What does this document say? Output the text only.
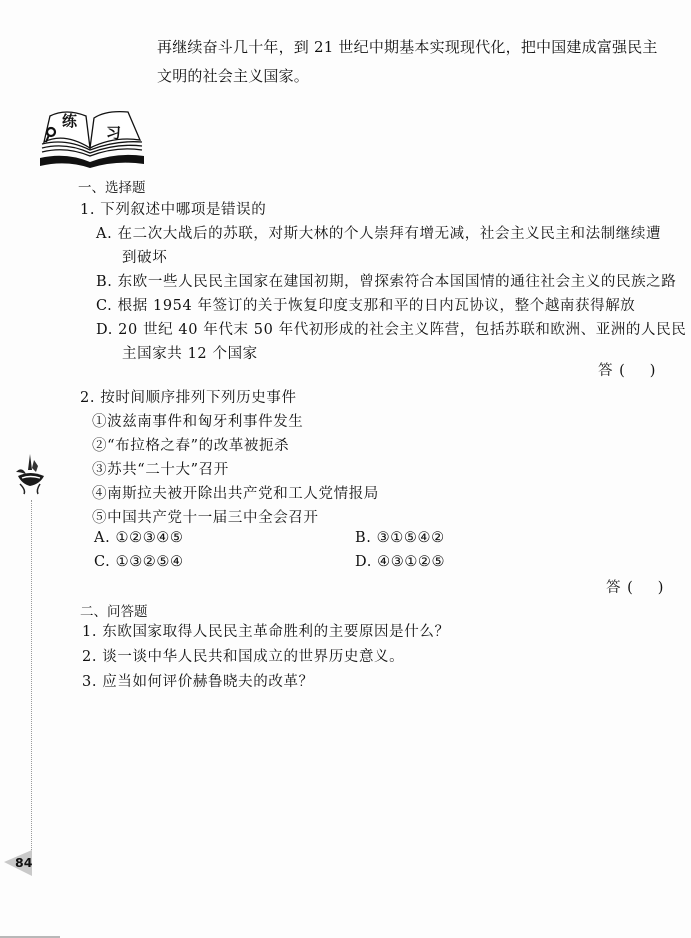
再继续奋斗几十年，到 21 世纪中期基本实现现代化，把中国建成富强民主
文明的社会主义国家。
练
习
一、选择题
1. 下列叙述中哪项是错误的
A. 在二次大战后的苏联，对斯大林的个人崇拜有增无减，社会主义民主和法制继续遭
到破坏
B. 东欧一些人民民主国家在建国初期，曾探索符合本国国情的通往社会主义的民族之路
C. 根据 1954 年签订的关于恢复印度支那和平的日内瓦协议，整个越南获得解放
D. 20 世纪 40 年代末 50 年代初形成的社会主义阵营，包括苏联和欧洲、亚洲的人民民
主国家共 12 个国家
答 ( )
2. 按时间顺序排列下列历史事件
①波兹南事件和匈牙利事件发生
②“布拉格之春”的改革被扼杀
③苏共“二十大”召开
④南斯拉夫被开除出共产党和工人党情报局
⑤中国共产党十一届三中全会召开
A. ①②③④⑤	B. ③①⑤④②
C. ①③②⑤④	D. ④③①②⑤
答 ( )
二、问答题
1. 东欧国家取得人民民主革命胜利的主要原因是什么？
2. 谈一谈中华人民共和国成立的世界历史意义。
3. 应当如何评价赫鲁晓夫的改革？
84
